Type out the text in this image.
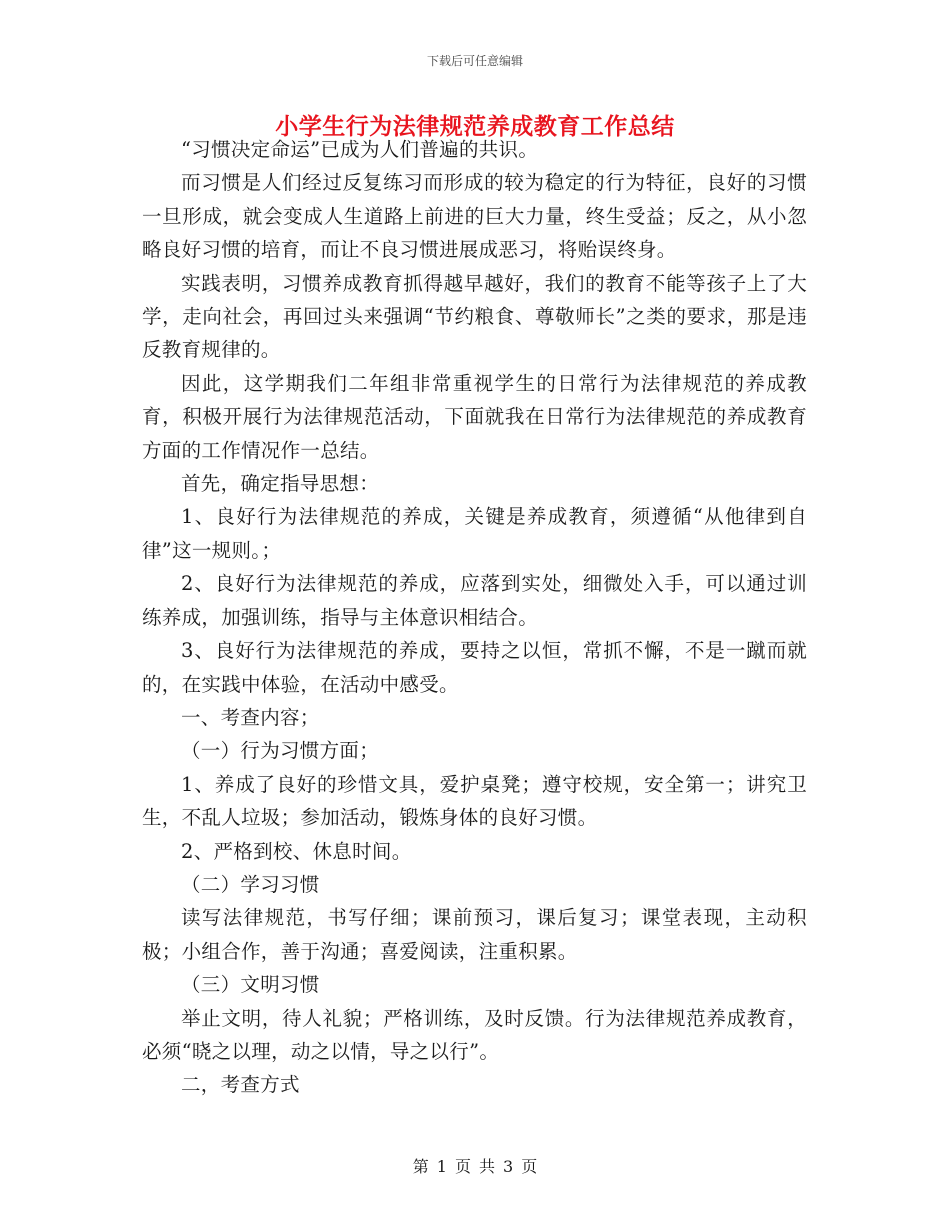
下载后可任意编辑
小学生行为法律规范养成教育工作总结

“习惯决定命运”已成为人们普遍的共识。

而习惯是人们经过反复练习而形成的较为稳定的行为特征，良好的习惯一旦形成，就会变成人生道路上前进的巨大力量，终生受益；反之，从小忽略良好习惯的培育，而让不良习惯进展成恶习，将贻误终身。

实践表明，习惯养成教育抓得越早越好，我们的教育不能等孩子上了大学，走向社会，再回过头来强调“节约粮食、尊敬师长”之类的要求，那是违反教育规律的。

因此，这学期我们二年组非常重视学生的日常行为法律规范的养成教育，积极开展行为法律规范活动，下面就我在日常行为法律规范的养成教育方面的工作情况作一总结。

首先，确定指导思想：

1、良好行为法律规范的养成，关键是养成教育，须遵循“从他律到自律”这一规则。；

2、良好行为法律规范的养成，应落到实处，细微处入手，可以通过训练养成，加强训练，指导与主体意识相结合。

3、良好行为法律规范的养成，要持之以恒，常抓不懈，不是一蹴而就的，在实践中体验，在活动中感受。

一、考查内容；

（一）行为习惯方面；

1、养成了良好的珍惜文具，爱护桌凳；遵守校规，安全第一；讲究卫生，不乱人垃圾；参加活动，锻炼身体的良好习惯。

2、严格到校、休息时间。

（二）学习习惯

读写法律规范，书写仔细；课前预习，课后复习；课堂表现，主动积极；小组合作，善于沟通；喜爱阅读，注重积累。

（三）文明习惯

举止文明，待人礼貌；严格训练，及时反馈。行为法律规范养成教育，必须“晓之以理，动之以情，导之以行”。

二，考查方式

第 1 页 共 3 页
